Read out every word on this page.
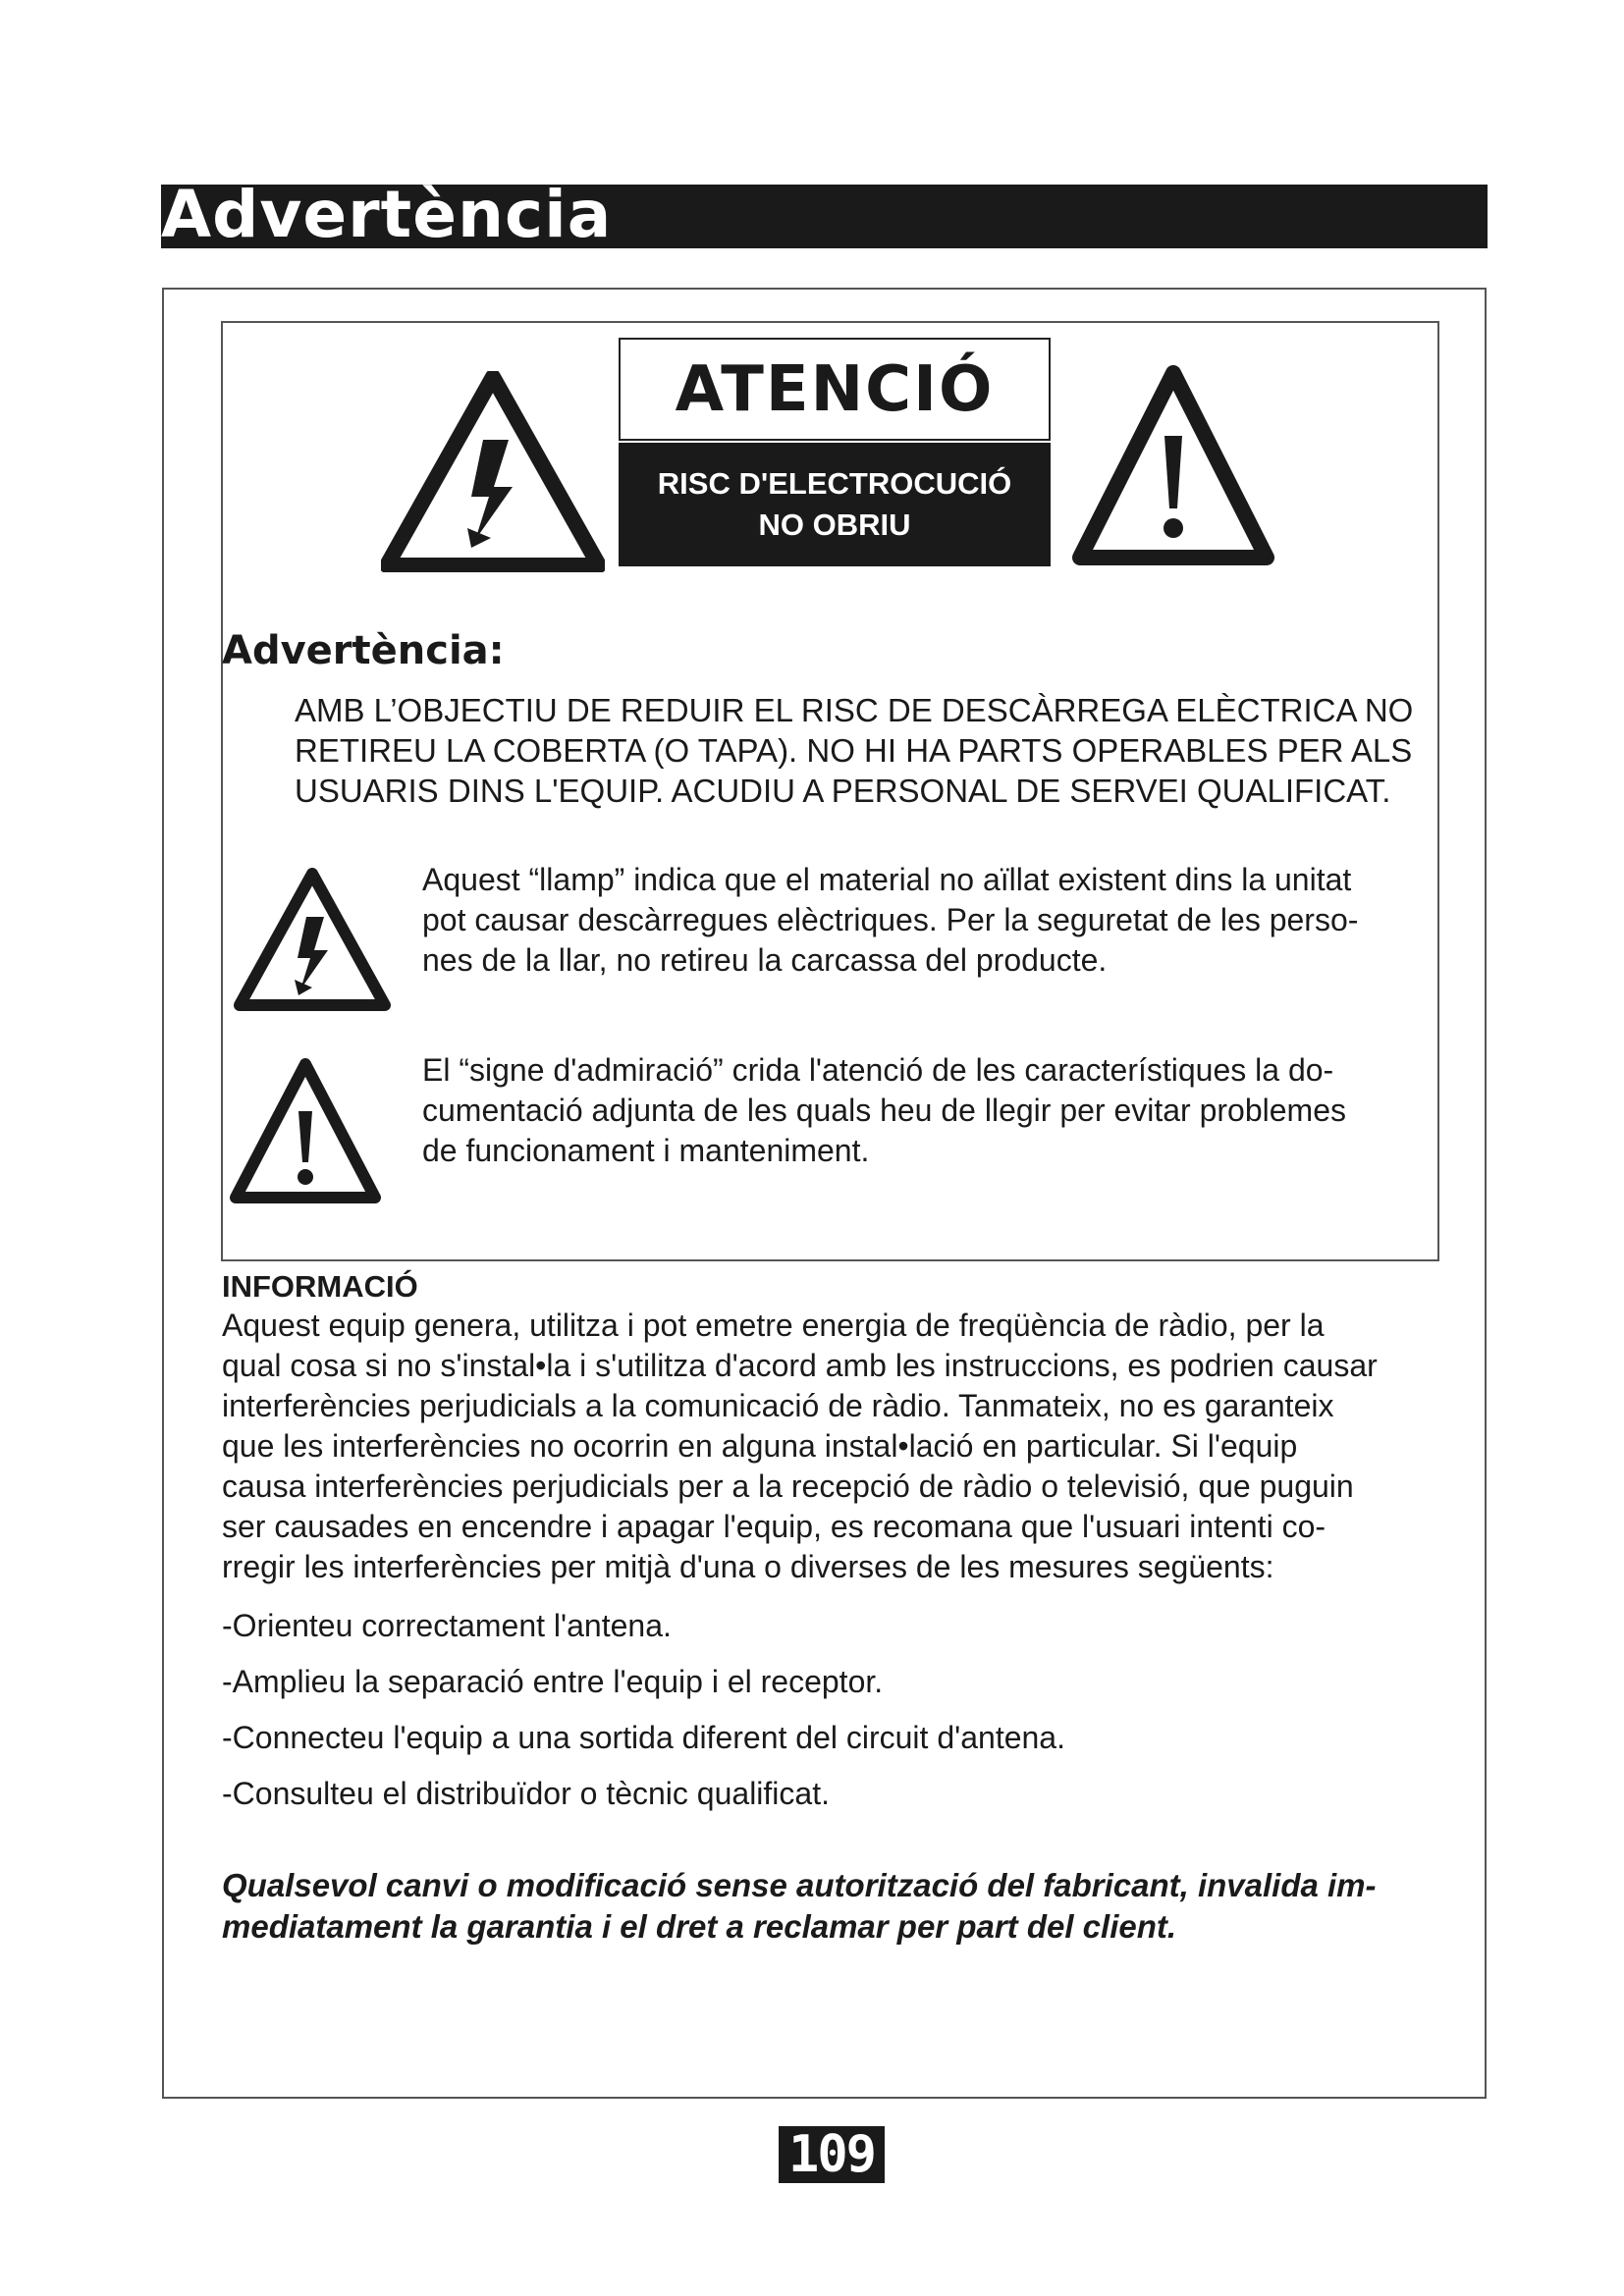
Advertència
ATENCIÓ
RISC D'ELECTROCUCIÓ
NO OBRIU
Advertència:
AMB L’OBJECTIU DE REDUIR EL RISC DE DESCÀRREGA ELÈCTRICA NO
RETIREU LA COBERTA (O TAPA). NO HI HA PARTS OPERABLES PER ALS
USUARIS DINS L'EQUIP. ACUDIU A PERSONAL DE SERVEI QUALIFICAT.
Aquest “llamp” indica que el material no aïllat existent dins la unitat
pot causar descàrregues elèctriques. Per la seguretat de les perso-
nes de la llar, no retireu la carcassa del producte.
El “signe d'admiració” crida l'atenció de les característiques la do-
cumentació adjunta de les quals heu de llegir per evitar problemes
de funcionament i manteniment.
INFORMACIÓ
Aquest equip genera, utilitza i pot emetre energia de freqüència de ràdio, per la
qual cosa si no s'instal•la i s'utilitza d'acord amb les instruccions, es podrien causar
interferències perjudicials a la comunicació de ràdio. Tanmateix, no es garanteix
que les interferències no ocorrin en alguna instal•lació en particular. Si l'equip
causa interferències perjudicials per a la recepció de ràdio o televisió, que puguin
ser causades en encendre i apagar l'equip, es recomana que l'usuari intenti co-
rregir les interferències per mitjà d'una o diverses de les mesures següents:
-Orienteu correctament l'antena.
-Amplieu la separació entre l'equip i el receptor.
-Connecteu l'equip a una sortida diferent del circuit d'antena.
-Consulteu el distribuïdor o tècnic qualificat.
Qualsevol canvi o modificació sense autorització del fabricant, invalida im-
mediatament la garantia i el dret a reclamar per part del client.
109
